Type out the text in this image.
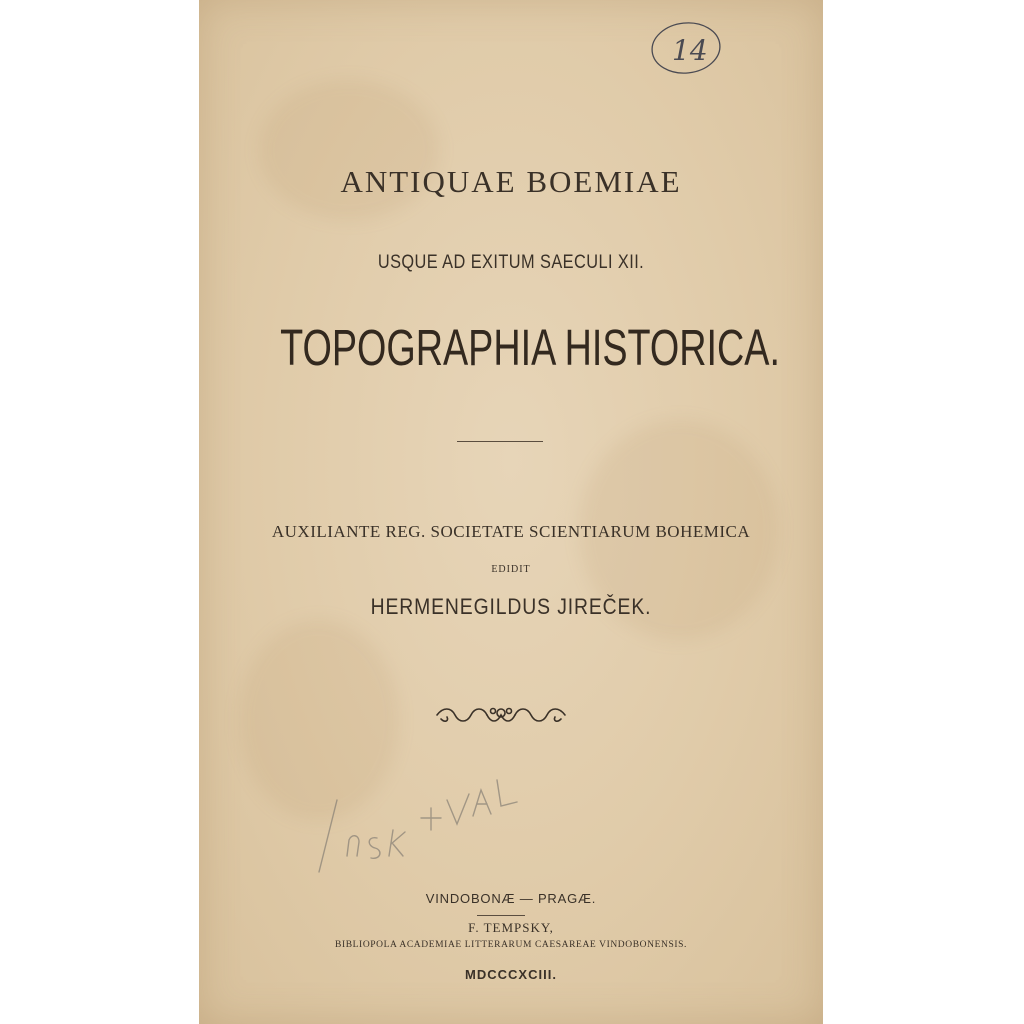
14
ANTIQUAE BOEMIAE
USQUE AD EXITUM SAECULI XII.
TOPOGRAPHIA HISTORICA.
AUXILIANTE REG. SOCIETATE SCIENTIARUM BOHEMICA
EDIDIT
HERMENEGILDUS JIREČEK.
VINDOBONÆ — PRAGÆ.
F. TEMPSKY,
BIBLIOPOLA ACADEMIAE LITTERARUM CAESAREAE VINDOBONENSIS.
MDCCCXCIII.
